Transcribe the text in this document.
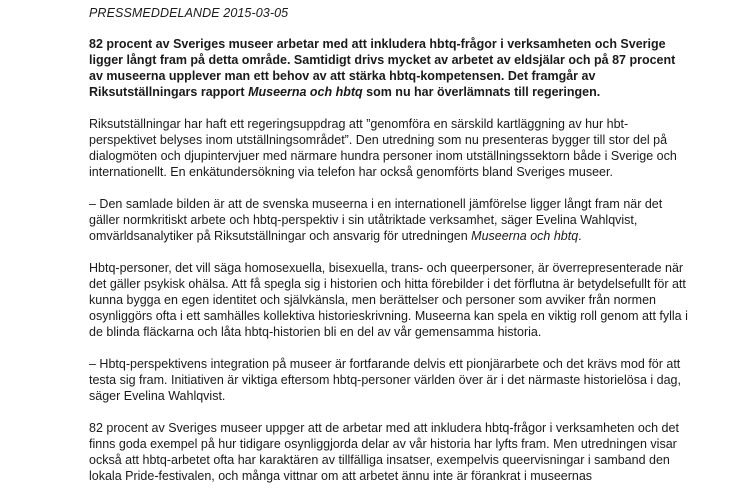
PRESSMEDDELANDE 2015-03-05

82 procent av Sveriges museer arbetar med att inkludera hbtq-frågor i verksamheten och Sverige ligger långt fram på detta område. Samtidigt drivs mycket av arbetet av eldsjälar och på 87 procent av museerna upplever man ett behov av att stärka hbtq-kompetensen. Det framgår av Riksutställningars rapport Museerna och hbtq som nu har överlämnats till regeringen.

Riksutställningar har haft ett regeringsuppdrag att ”genomföra en särskild kartläggning av hur hbt-perspektivet belyses inom utställningsområdet”. Den utredning som nu presenteras bygger till stor del på dialogmöten och djupintervjuer med närmare hundra personer inom utställningssektorn både i Sverige och internationellt. En enkätundersökning via telefon har också genomförts bland Sveriges museer.

– Den samlade bilden är att de svenska museerna i en internationell jämförelse ligger långt fram när det gäller normkritiskt arbete och hbtq-perspektiv i sin utåtriktade verksamhet, säger Evelina Wahlqvist, omvärldsanalytiker på Riksutställningar och ansvarig för utredningen Museerna och hbtq.

Hbtq-personer, det vill säga homosexuella, bisexuella, trans- och queerpersoner, är överrepresenterade när det gäller psykisk ohälsa. Att få spegla sig i historien och hitta förebilder i det förflutna är betydelsefullt för att kunna bygga en egen identitet och självkänsla, men berättelser och personer som avviker från normen osynliggörs ofta i ett samhälles kollektiva historieskrivning. Museerna kan spela en viktig roll genom att fylla i de blinda fläckarna och låta hbtq-historien bli en del av vår gemensamma historia.

– Hbtq-perspektivens integration på museer är fortfarande delvis ett pionjärarbete och det krävs mod för att testa sig fram. Initiativen är viktiga eftersom hbtq-personer världen över är i det närmaste historielösa i dag, säger Evelina Wahlqvist.

82 procent av Sveriges museer uppger att de arbetar med att inkludera hbtq-frågor i verksamheten och det finns goda exempel på hur tidigare osynliggjorda delar av vår historia har lyfts fram. Men utredningen visar också att hbtq-arbetet ofta har karaktären av tillfälliga insatser, exempelvis queervisningar i samband den lokala Pride-festivalen, och många vittnar om att arbetet ännu inte är förankrat i museernas
